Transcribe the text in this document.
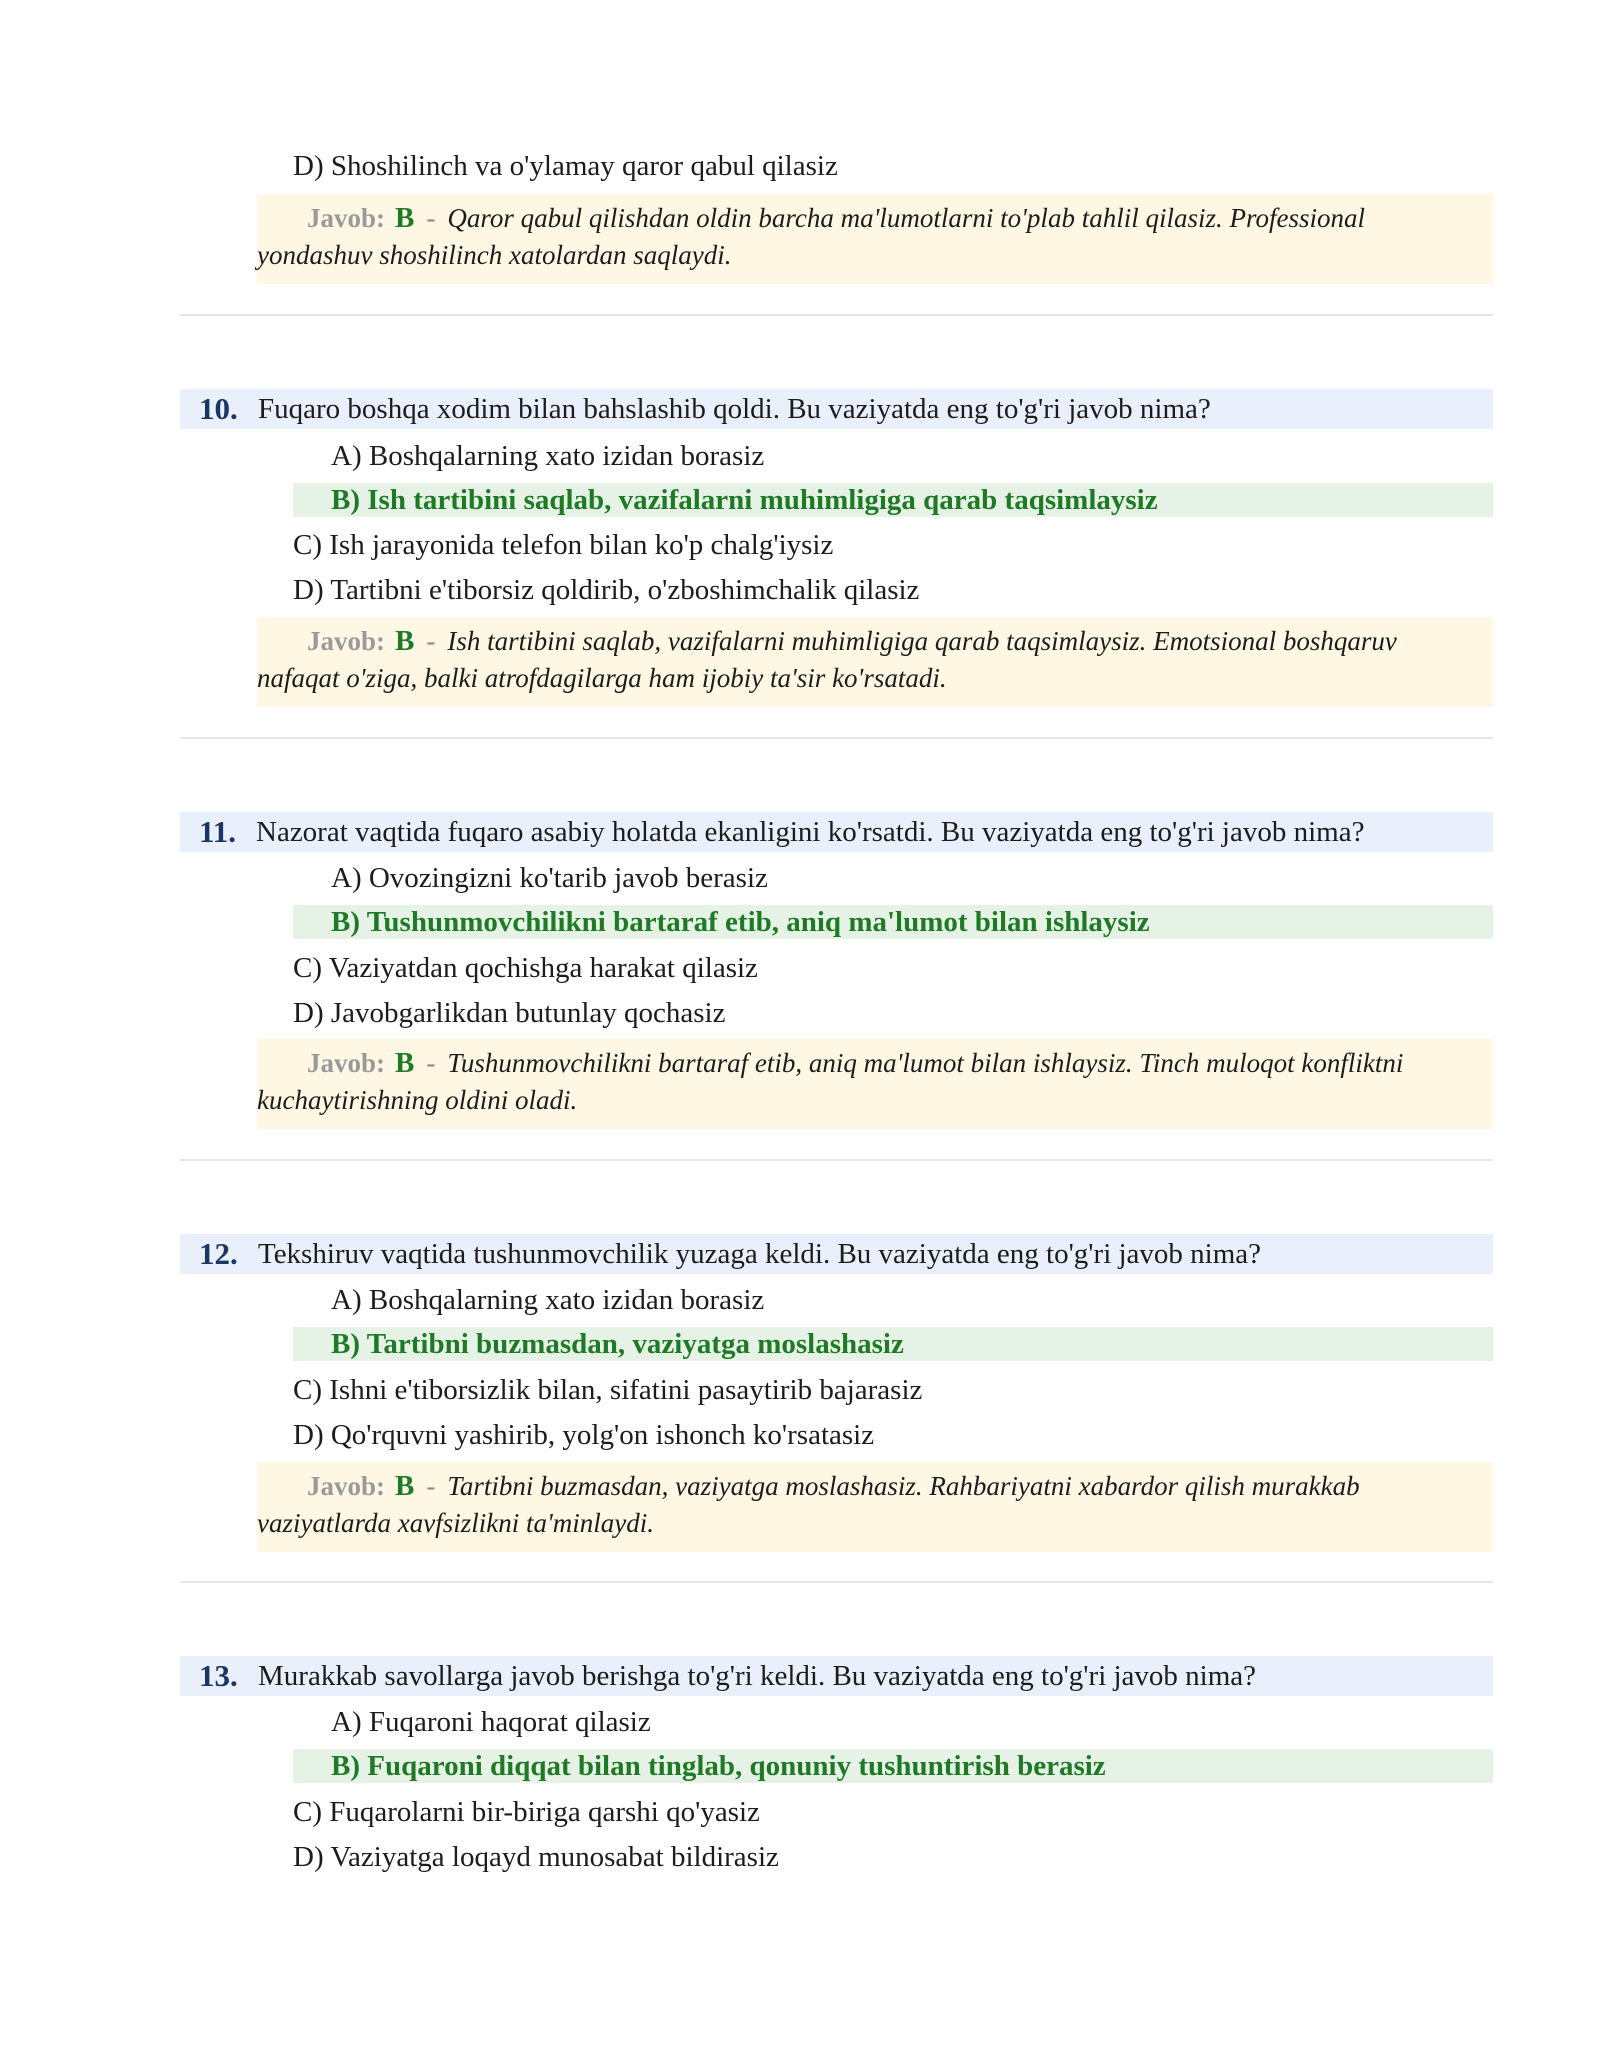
D) Shoshilinch va o'ylamay qaror qabul qilasiz
Javob: B - Qaror qabul qilishdan oldin barcha ma'lumotlarni to'plab tahlil qilasiz. Professional yondashuv shoshilinch xatolardan saqlaydi.
10. Fuqaro boshqa xodim bilan bahslashib qoldi. Bu vaziyatda eng to'g'ri javob nima?
A) Boshqalarning xato izidan borasiz
B) Ish tartibini saqlab, vazifalarni muhimligiga qarab taqsimlaysiz
C) Ish jarayonida telefon bilan ko'p chalg'iysiz
D) Tartibni e'tiborsiz qoldirib, o'zboshimchalik qilasiz
Javob: B - Ish tartibini saqlab, vazifalarni muhimligiga qarab taqsimlaysiz. Emotsional boshqaruv nafaqat o'ziga, balki atrofdagilarga ham ijobiy ta'sir ko'rsatadi.
11. Nazorat vaqtida fuqaro asabiy holatda ekanligini ko'rsatdi. Bu vaziyatda eng to'g'ri javob nima?
A) Ovozingizni ko'tarib javob berasiz
B) Tushunmovchilikni bartaraf etib, aniq ma'lumot bilan ishlaysiz
C) Vaziyatdan qochishga harakat qilasiz
D) Javobgarlikdan butunlay qochasiz
Javob: B - Tushunmovchilikni bartaraf etib, aniq ma'lumot bilan ishlaysiz. Tinch muloqot konfliktni kuchaytirishning oldini oladi.
12. Tekshiruv vaqtida tushunmovchilik yuzaga keldi. Bu vaziyatda eng to'g'ri javob nima?
A) Boshqalarning xato izidan borasiz
B) Tartibni buzmasdan, vaziyatga moslashasiz
C) Ishni e'tiborsizlik bilan, sifatini pasaytirib bajarasiz
D) Qo'rquvni yashirib, yolg'on ishonch ko'rsatasiz
Javob: B - Tartibni buzmasdan, vaziyatga moslashasiz. Rahbariyatni xabardor qilish murakkab vaziyatlarda xavfsizlikni ta'minlaydi.
13. Murakkab savollarga javob berishga to'g'ri keldi. Bu vaziyatda eng to'g'ri javob nima?
A) Fuqaroni haqorat qilasiz
B) Fuqaroni diqqat bilan tinglab, qonuniy tushuntirish berasiz
C) Fuqarolarni bir-biriga qarshi qo'yasiz
D) Vaziyatga loqayd munosabat bildirasiz
